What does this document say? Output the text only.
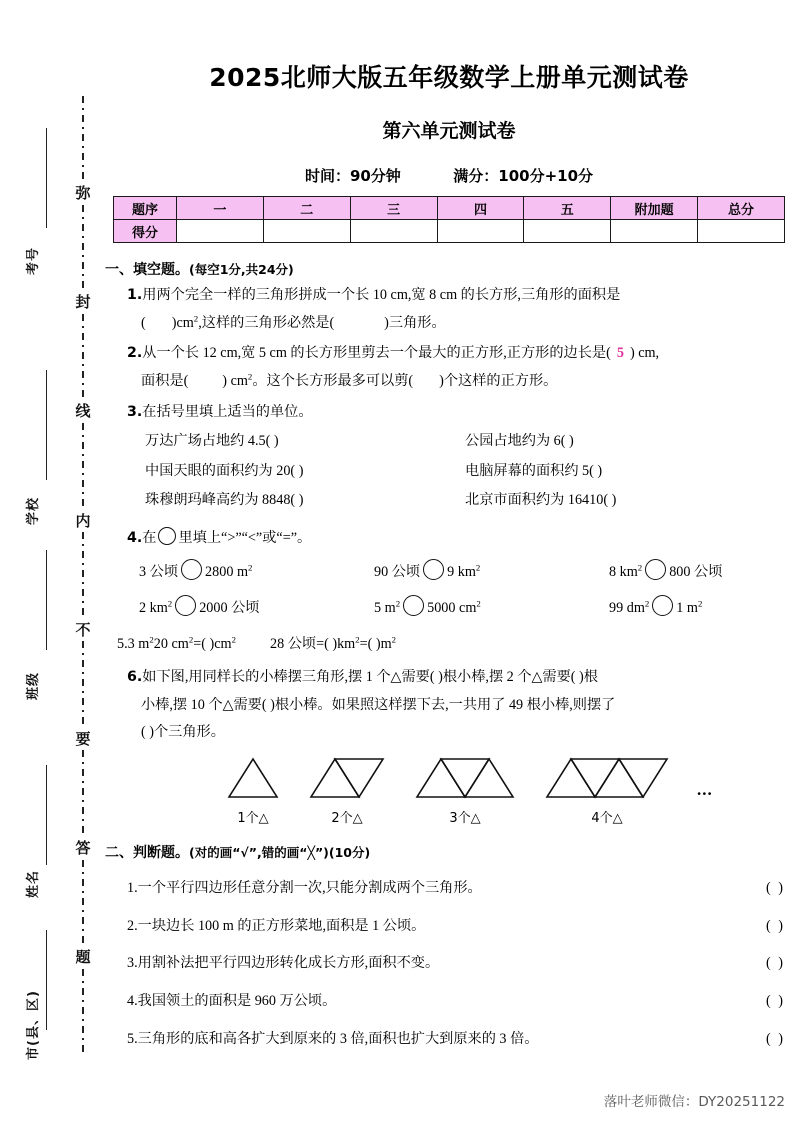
考号
学校
班级
姓名
市(县、区)
弥
封
线
内
不
要
答
题
2025北师大版五年级数学上册单元测试卷
第六单元测试卷
时间：90分钟	满分：100分+10分
题序	一	二	三	四	五	附加题	总分
得分							
一、填空题。(每空1分,共24分)
1.用两个完全一样的三角形拼成一个长 10 cm,宽 8 cm 的长方形,三角形的面积是
( )$cm^2$,这样的三角形必然是(	)三角形。
2.从一个长 12 cm,宽 5 cm 的长方形里剪去一个最大的正方形,正方形的边长是( 5 ) cm,
面积是( ) $cm^2$。这个长方形最多可以剪( )个这样的正方形。
3.在括号里填上适当的单位。
万达广场占地约 4.5( )	公园占地约为 6( )
中国天眼的面积约为 20( )	电脑屏幕的面积约 5( )
珠穆朗玛峰高约为 8848( )	北京市面积约为 16410( )
4.在 里填上“>”“<”或“=”。
3 公顷 2800 $m^2$	90 公顷 9 $km^2$	8 $km^2$ 800 公顷
2 $km^2$ 2000 公顷	5 $m^2$ 5000 $cm^2$	99 $dm^2$ 1 $m^2$
5.3 $m^220$ $cm^2=$( )$cm^2$ 28 公顷=( )$km^2=$( )$m^2$
6.如下图,用同样长的小棒摆三角形,摆 1 个△需要( )根小棒,摆 2 个△需要( )根
小棒,摆 10 个△需要( )根小棒。如果照这样摆下去,一共用了 49 根小棒,则摆了
( )个三角形。
1个△	2个△	3个△	4个△
...
二、判断题。(对的画“√”,错的画“╳”)(10分)
1.一个平行四边形任意分割一次,只能分割成两个三角形。	( )
2.一块边长 100 m 的正方形菜地,面积是 1 公顷。	( )
3.用割补法把平行四边形转化成长方形,面积不变。	( )
4.我国领土的面积是 960 万公顷。	( )
5.三角形的底和高各扩大到原来的 3 倍,面积也扩大到原来的 3 倍。	( )
落叶老师微信：DY20251122
